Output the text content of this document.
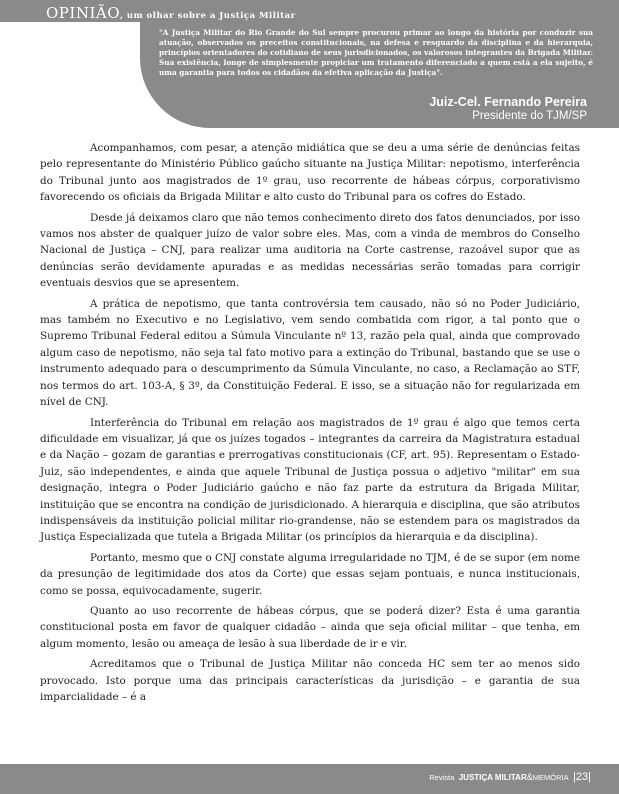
OPINIÃO, um olhar sobre a Justiça Militar
"A Justiça Militar do Rio Grande do Sul sempre procurou primar ao longo da história por conduzir sua atuação, observados os preceitos constitucionais, na defesa e resguardo da disciplina e da hierarquia, princípios orientadores do cotidiano de seus jurisdicionados, os valorosos integrantes da Brigada Militar. Sua existência, longe de simplesmente propiciar um tratamento diferenciado a quem está a ela sujeito, é uma garantia para todos os cidadãos da efetiva aplicação da Justiça".
Juiz-Cel. Fernando Pereira
Presidente do TJM/SP

Acompanhamos, com pesar, a atenção midiática que se deu a uma série de denúncias feitas pelo representante do Ministério Público gaúcho situante na Justiça Militar: nepotismo, interferência do Tribunal junto aos magistrados de 1º grau, uso recorrente de hábeas córpus, corporativismo favorecendo os oficiais da Brigada Militar e alto custo do Tribunal para os cofres do Estado.

Desde já deixamos claro que não temos conhecimento direto dos fatos denunciados, por isso vamos nos abster de qualquer juízo de valor sobre eles. Mas, com a vinda de membros do Conselho Nacional de Justiça – CNJ, para realizar uma auditoria na Corte castrense, razoável supor que as denúncias serão devidamente apuradas e as medidas necessárias serão tomadas para corrigir eventuais desvios que se apresentem.

A prática de nepotismo, que tanta controvérsia tem causado, não só no Poder Judiciário, mas também no Executivo e no Legislativo, vem sendo combatida com rigor, a tal ponto que o Supremo Tribunal Federal editou a Súmula Vinculante nº 13, razão pela qual, ainda que comprovado algum caso de nepotismo, não seja tal fato motivo para a extinção do Tribunal, bastando que se use o instrumento adequado para o descumprimento da Súmula Vinculante, no caso, a Reclamação ao STF, nos termos do art. 103-A, § 3º, da Constituição Federal. E isso, se a situação não for regularizada em nível de CNJ.

Interferência do Tribunal em relação aos magistrados de 1º grau é algo que temos certa dificuldade em visualizar, já que os juízes togados – integrantes da carreira da Magistratura estadual e da Nação – gozam de garantias e prerrogativas constitucionais (CF, art. 95). Representam o Estado-Juiz, são independentes, e ainda que aquele Tribunal de Justiça possua o adjetivo "militar" em sua designação, integra o Poder Judiciário gaúcho e não faz parte da estrutura da Brigada Militar, instituição que se encontra na condição de jurisdicionado. A hierarquia e disciplina, que são atributos indispensáveis da instituição policial militar rio-grandense, não se estendem para os magistrados da Justiça Especializada que tutela a Brigada Militar (os princípios da hierarquia e da disciplina).

Portanto, mesmo que o CNJ constate alguma irregularidade no TJM, é de se supor (em nome da presunção de legitimidade dos atos da Corte) que essas sejam pontuais, e nunca institucionais, como se possa, equivocadamente, sugerir.

Quanto ao uso recorrente de hábeas córpus, que se poderá dizer? Esta é uma garantia constitucional posta em favor de qualquer cidadão – ainda que seja oficial militar – que tenha, em algum momento, lesão ou ameaça de lesão à sua liberdade de ir e vir.

Acreditamos que o Tribunal de Justiça Militar não conceda HC sem ter ao menos sido provocado. Isto porque uma das principais características da jurisdição – e garantia de sua imparcialidade – é a

Revista JUSTIÇA MILITAR&MEMÓRIA |23|
